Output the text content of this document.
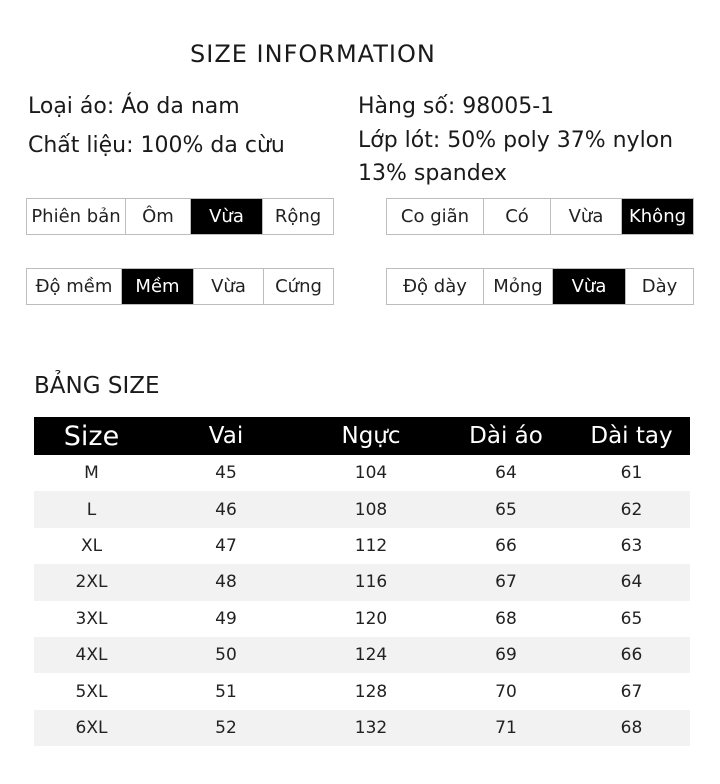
SIZE INFORMATION
Loại áo: Áo da nam
Chất liệu: 100% da cừu
Hàng số: 98005-1
Lớp lót: 50% poly 37% nylon
13% spandex
Phiên bản	Ôm	Vừa	Rộng	Co giãn	Có	Vừa	Không
Độ mềm	Mềm	Vừa	Cứng	Độ dày	Mỏng	Vừa	Dày
BẢNG SIZE
Size	Vai	Ngực	Dài áo	Dài tay
M	45	104	64	61
L	46	108	65	62
XL	47	112	66	63
2XL	48	116	67	64
3XL	49	120	68	65
4XL	50	124	69	66
5XL	51	128	70	67
6XL	52	132	71	68
